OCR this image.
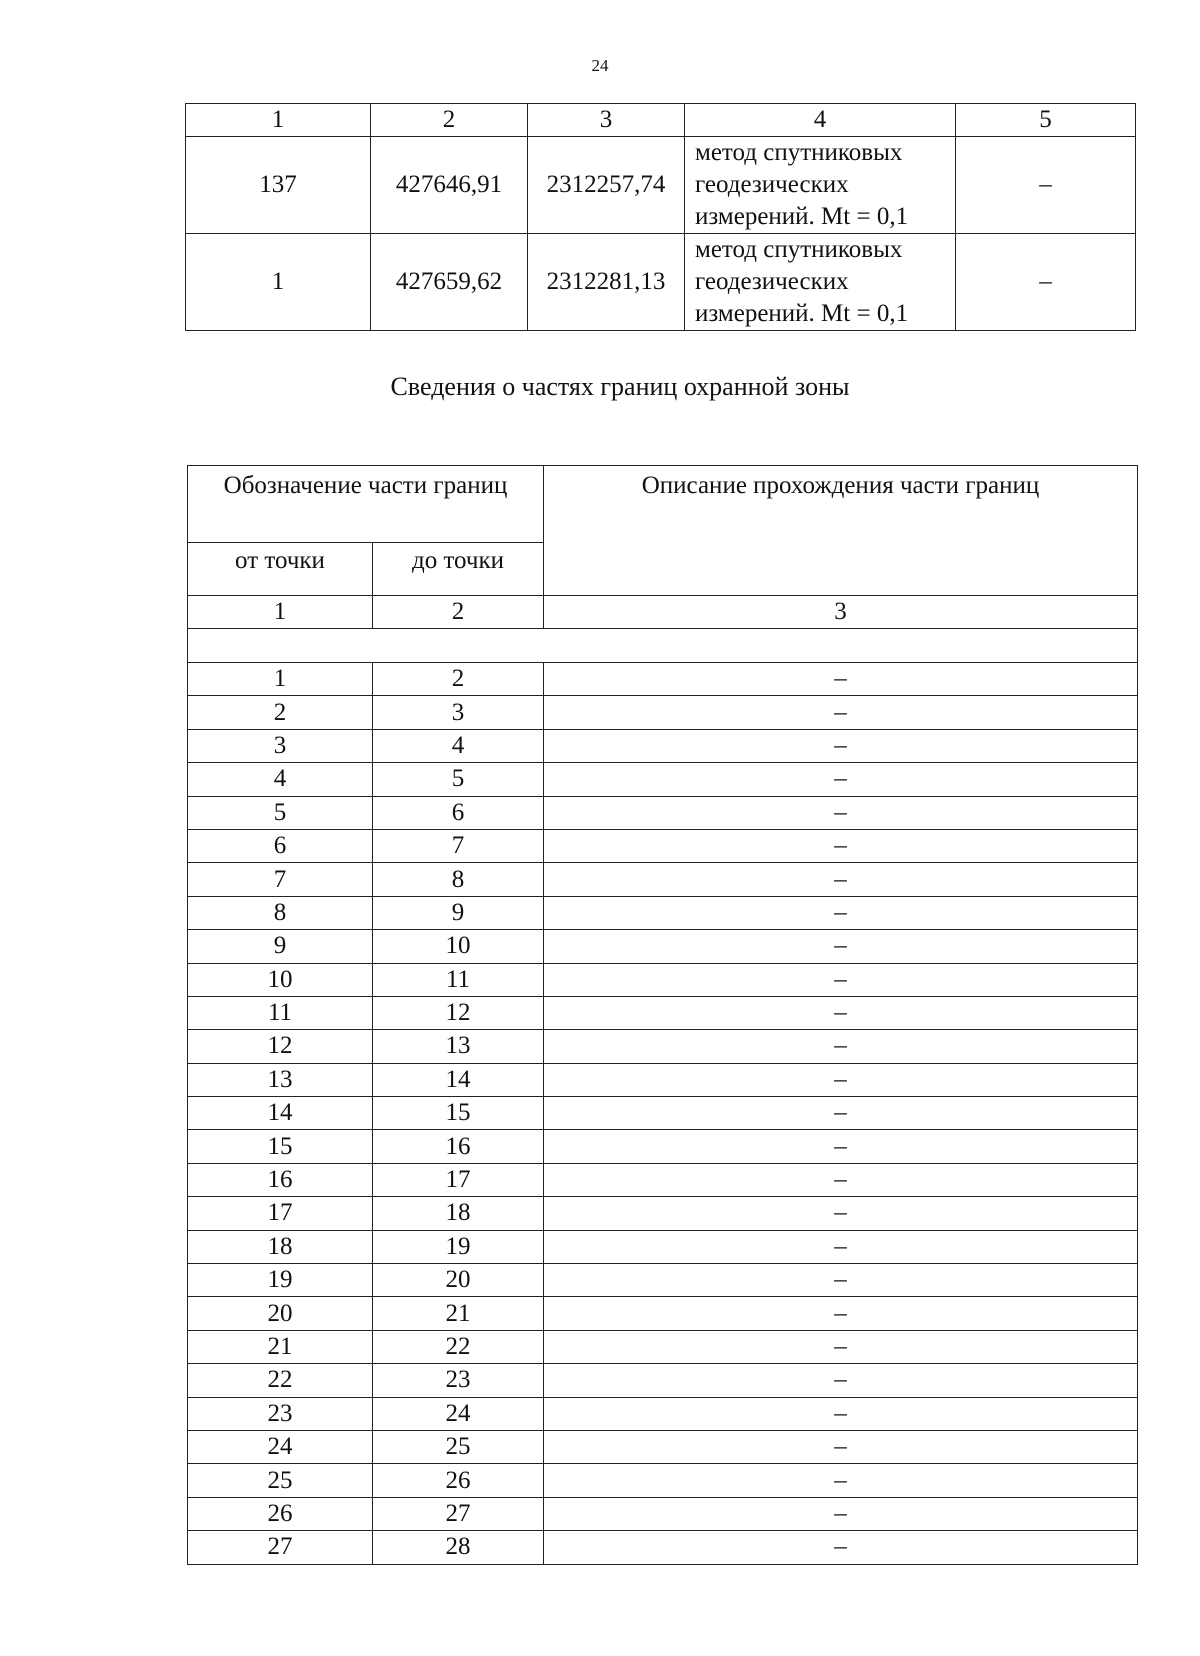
24
1	2	3	4	5
137	427646,91	2312257,74	метод спутниковых
геодезических
измерений. Mt = 0,1	–
1	427659,62	2312281,13	метод спутниковых
геодезических
измерений. Mt = 0,1	–
Сведения о частях границ охранной зоны
Обозначение части границ		Описание прохождения части границ
от точки	до точки	
1	2	3

1	2	–
2	3	–
3	4	–
4	5	–
5	6	–
6	7	–
7	8	–
8	9	–
9	10	–
10	11	–
11	12	–
12	13	–
13	14	–
14	15	–
15	16	–
16	17	–
17	18	–
18	19	–
19	20	–
20	21	–
21	22	–
22	23	–
23	24	–
24	25	–
25	26	–
26	27	–
27	28	–
